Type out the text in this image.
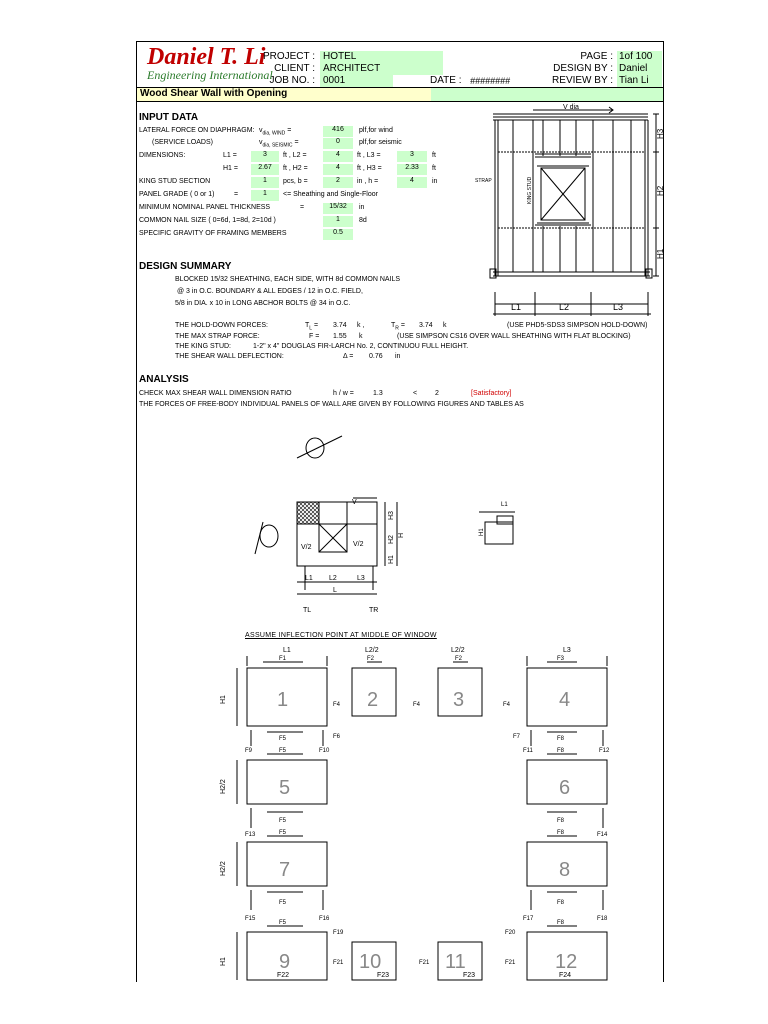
Daniel T. Li
Engineering International
PROJECT : HOTEL
CLIENT : ARCHITECT
JOB NO. : 0001	DATE : ########
PAGE : 1of 100
DESIGN BY : Daniel
REVIEW BY : Tian Li
Wood Shear Wall with Opening
INPUT DATA
LATERAL FORCE ON DIAPHRAGM: $v_{dia, WIND}$ =	416	plf,for wind
(SERVICE LOADS)	$v_{dia, SEISMIC}$ =	0	plf,for seismic
DIMENSIONS:	L1 =	3	ft , L2 =	4	ft , L3 =	3	ft
H1 =	2.67	ft , H2 =	4	ft , H3 =	2.33	ft
KING STUD SECTION	1	pcs, b =	2	in , h =	4	in
PANEL GRADE ( 0 or 1)	=	1	<= Sheathing and Single-Floor
MINIMUM NOMINAL PANEL THICKNESS	=	15/32	in
COMMON NAIL SIZE ( 0=6d, 1=8d, 2=10d )	1	8d
SPECIFIC GRAVITY OF FRAMING MEMBERS	0.5
DESIGN SUMMARY
BLOCKED 15/32 SHEATHING, EACH SIDE, WITH 8d COMMON NAILS
@ 3 in O.C. BOUNDARY & ALL EDGES / 12 in O.C. FIELD,
5/8 in DIA. x 10 in LONG ABCHOR BOLTS @ 34 in O.C.
THE HOLD-DOWN FORCES:	$T_L = 3.74$ k ,	$T_R = 3.74$ k	(USE PHD5-SDS3 SIMPSON HOLD-DOWN)
THE MAX STRAP FORCE:	F = 1.55 k	(USE SIMPSON CS16 OVER WALL SHEATHING WITH FLAT BLOCKING)
THE KING STUD:	1-2" x 4" DOUGLAS FIR-LARCH No. 2, CONTINUOU FULL HEIGHT.
THE SHEAR WALL DEFLECTION:	Δ = 0.76 in
ANALYSIS
CHECK MAX SHEAR WALL DIMENSION RATIO	h / w =	1.3	<	2	[Satisfactory]
THE FORCES OF FREE-BODY INDIVIDUAL PANELS OF WALL ARE GIVEN BY FOLLOWING FIGURES AND TABLES AS
V dia
STRAP	KING STUD
H3
H2
H1
L1	L2	L3
V
V/2	V/2
H3
H2
H1
H
L1 L2	L3
L
TL	TR
L1
H1
ASSUME INFLECTION POINT AT MIDDLE OF WINDOW
1	2	3	4
5	6
7	8
9	10	11	12
L1	L2/2	L2/2	L3
H1
H2/2
H2/2
H1
F1	F2	F2	F3
F4	F4	F4
F5	F6	F7	F8
F9	F10	F11	F12
F5	F8
F5	F8
F13	F14
F5	F8
F5	F8
F15	F16	F17	F18
F5	F8
F19	F20
F21	F21	F21
F22	F23	F23	F24
